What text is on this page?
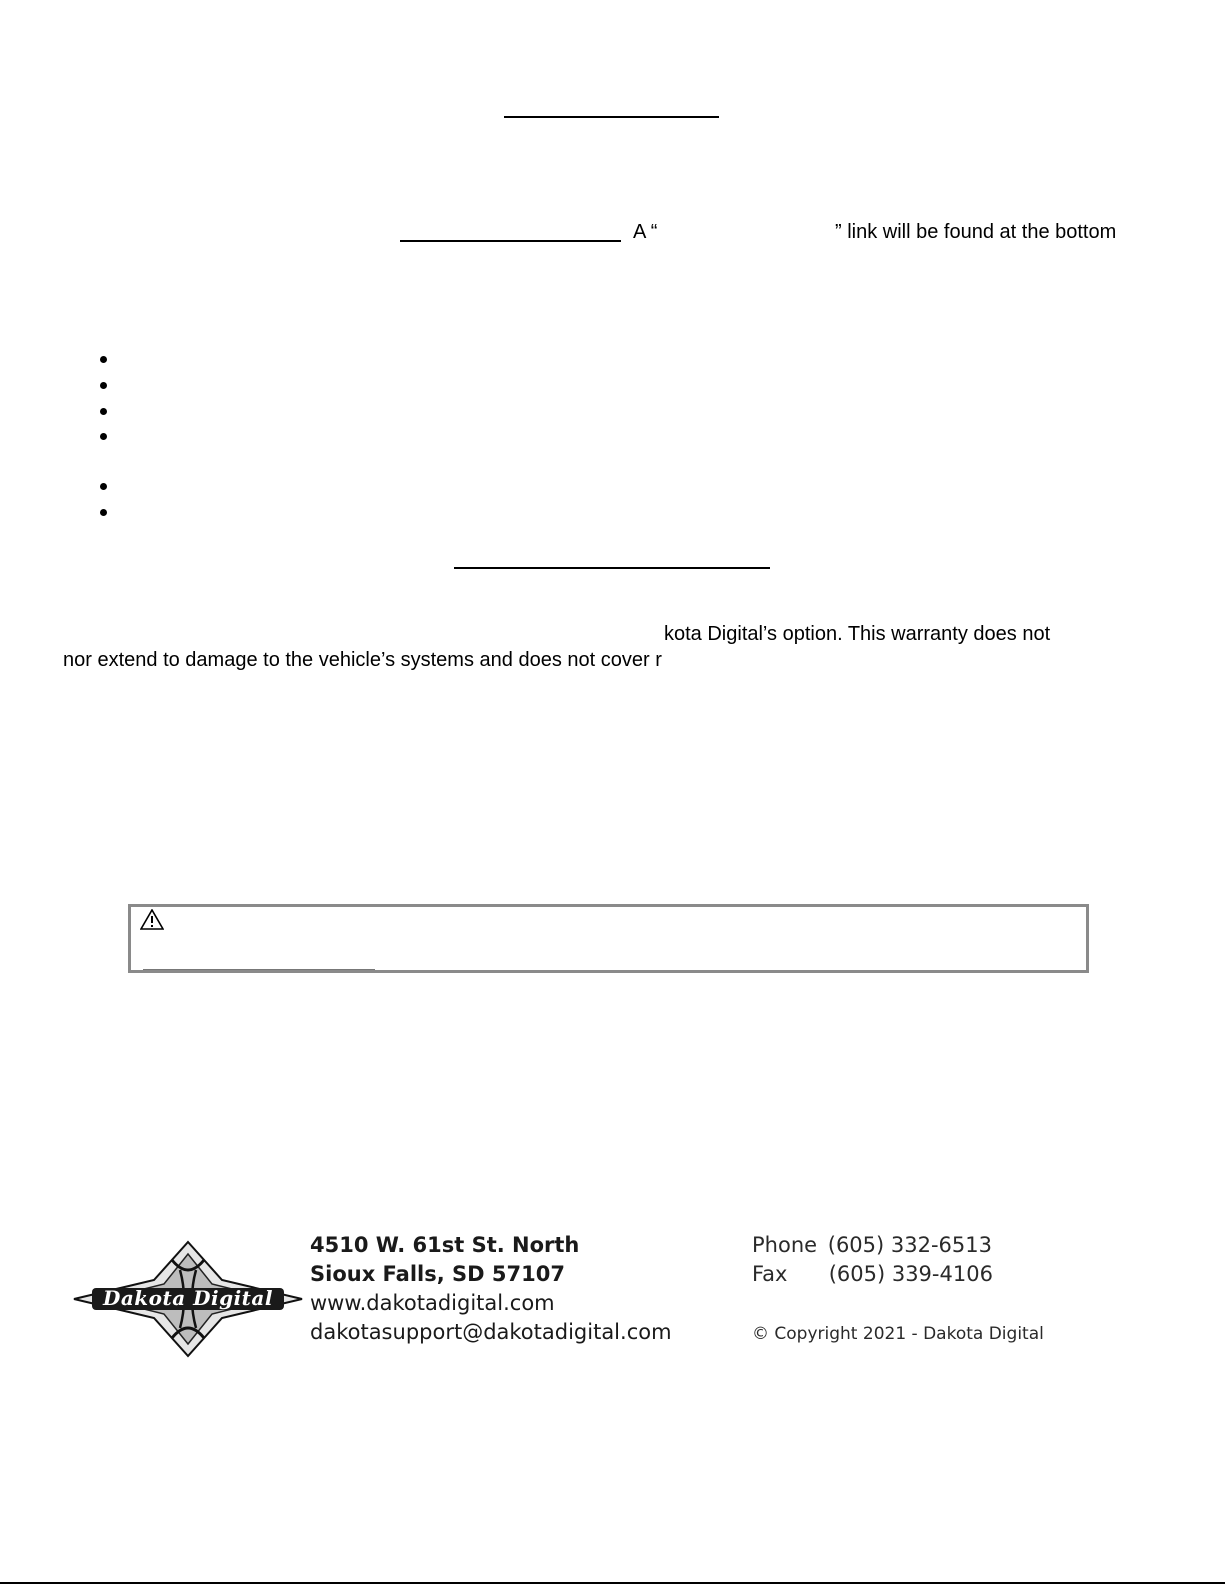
A “	” link will be found at the bottom
kota Digital’s option. This warranty does not
nor extend to damage to the vehicle’s systems and does not cover r
Dakota Digital
4510 W. 61st St. North
Sioux Falls, SD 57107
www.dakotadigital.com
dakotasupport@dakotadigital.com
Phone (605) 332-6513
Fax (605) 339-4106
© Copyright 2021 - Dakota Digital
